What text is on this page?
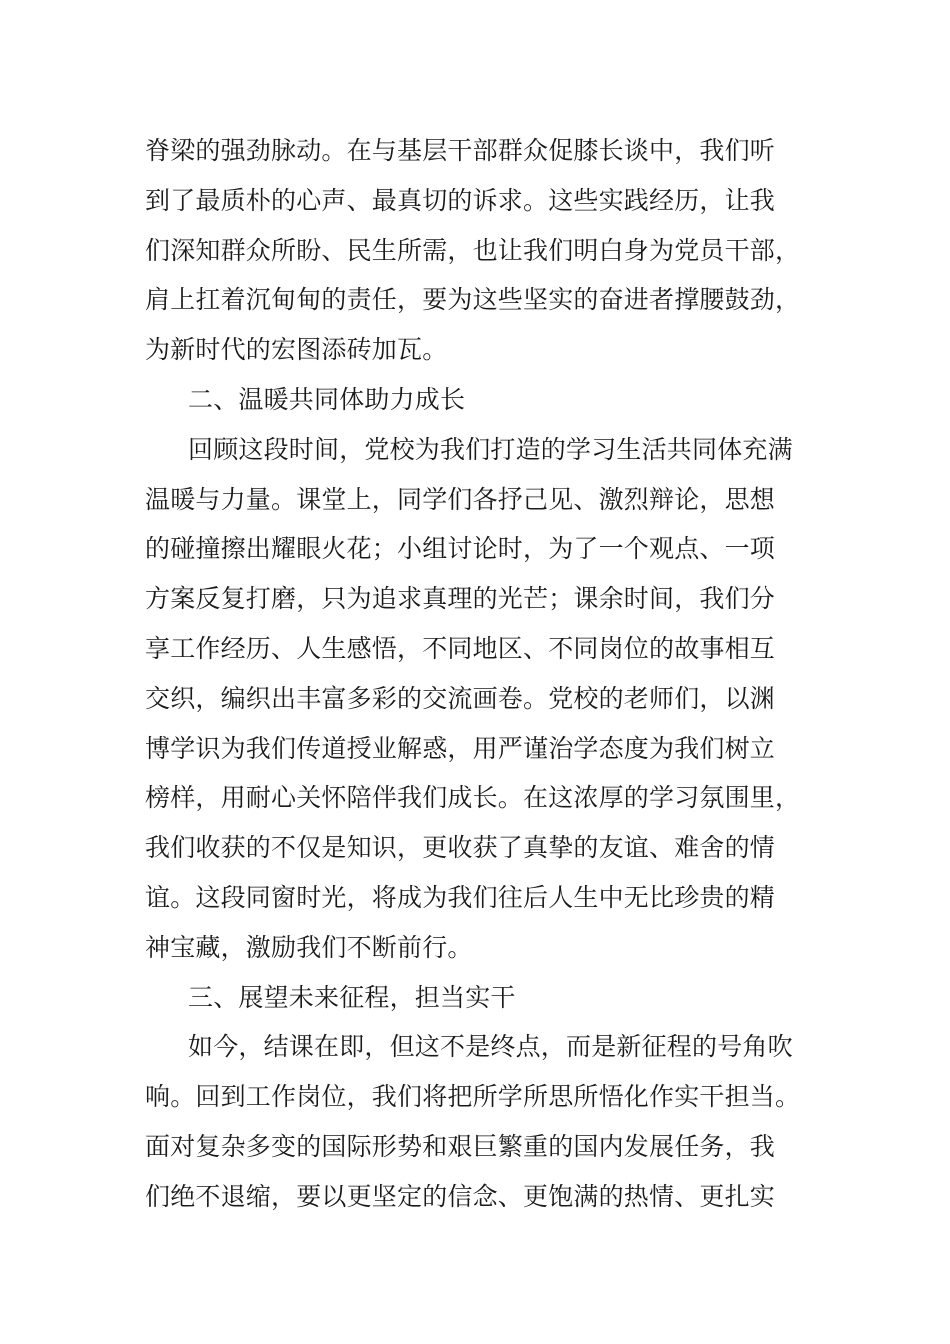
脊梁的强劲脉动。在与基层干部群众促膝长谈中，我们听
到了最质朴的心声、最真切的诉求。这些实践经历，让我
们深知群众所盼、民生所需，也让我们明白身为党员干部，
肩上扛着沉甸甸的责任，要为这些坚实的奋进者撑腰鼓劲，
为新时代的宏图添砖加瓦。
二、温暖共同体助力成长
回顾这段时间，党校为我们打造的学习生活共同体充满
温暖与力量。课堂上，同学们各抒己见、激烈辩论，思想
的碰撞擦出耀眼火花；小组讨论时，为了一个观点、一项
方案反复打磨，只为追求真理的光芒；课余时间，我们分
享工作经历、人生感悟，不同地区、不同岗位的故事相互
交织，编织出丰富多彩的交流画卷。党校的老师们，以渊
博学识为我们传道授业解惑，用严谨治学态度为我们树立
榜样，用耐心关怀陪伴我们成长。在这浓厚的学习氛围里，
我们收获的不仅是知识，更收获了真挚的友谊、难舍的情
谊。这段同窗时光，将成为我们往后人生中无比珍贵的精
神宝藏，激励我们不断前行。
三、展望未来征程，担当实干
如今，结课在即，但这不是终点，而是新征程的号角吹
响。回到工作岗位，我们将把所学所思所悟化作实干担当。
面对复杂多变的国际形势和艰巨繁重的国内发展任务，我
们绝不退缩，要以更坚定的信念、更饱满的热情、更扎实
